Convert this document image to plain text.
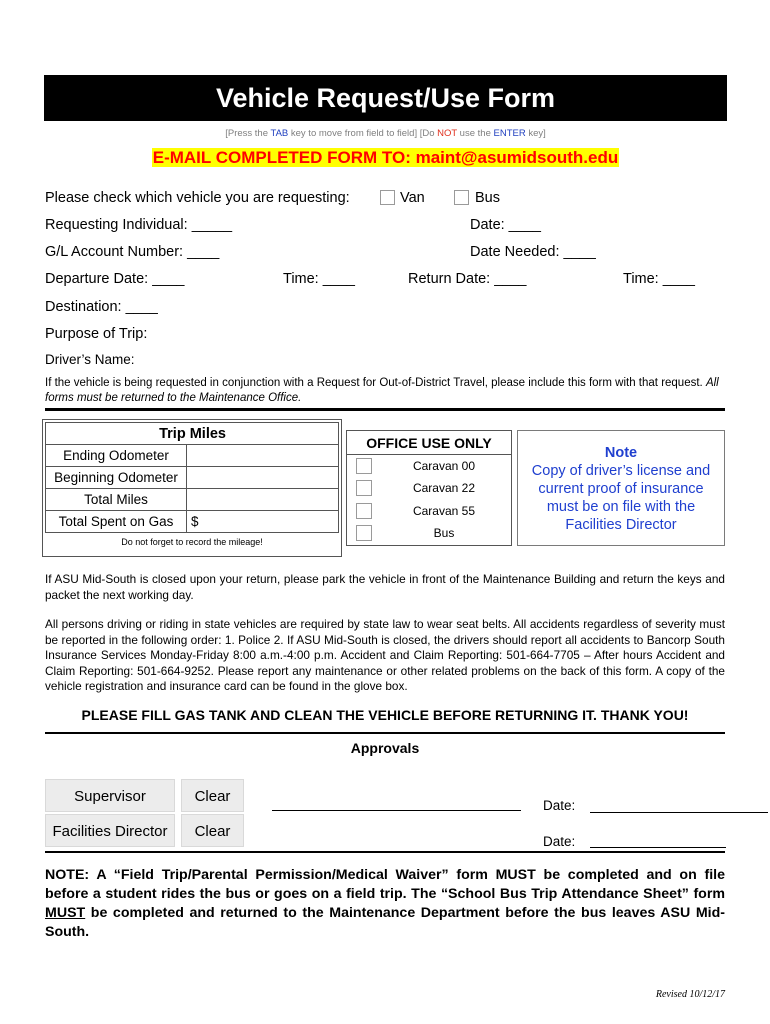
Vehicle Request/Use Form
[Press the TAB key to move from field to field] [Do NOT use the ENTER key]
E-MAIL COMPLETED FORM TO: maint@asumidsouth.edu
Please check which vehicle you are requesting:	Van	Bus
Requesting Individual: _____	Date: ____
G/L Account Number: ____	Date Needed: ____
Departure Date: ____	Time: ____	Return Date: ____	Time: ____
Destination: ____
Purpose of Trip:
Driver’s Name:
If the vehicle is being requested in conjunction with a Request for Out-of-District Travel, please include this form with that request. All forms must be returned to the Maintenance Office.
Trip Miles	
Ending Odometer	
Beginning Odometer	
Total Miles	
Total Spent on Gas	$
Do not forget to record the mileage!
OFFICE USE ONLY
Caravan 00
Caravan 22
Caravan 55
Bus
Note
Copy of driver’s license and current proof of insurance must be on file with the Facilities Director
If ASU Mid-South is closed upon your return, please park the vehicle in front of the Maintenance Building and return the keys and packet the next working day.
All persons driving or riding in state vehicles are required by state law to wear seat belts. All accidents regardless of severity must be reported in the following order: 1. Police 2. If ASU Mid-South is closed, the drivers should report all accidents to Bancorp South Insurance Services Monday-Friday 8:00 a.m.-4:00 p.m. Accident and Claim Reporting: 501-664-7705 – After hours Accident and Claim Reporting: 501-664-9252. Please report any maintenance or other related problems on the back of this form. A copy of the vehicle registration and insurance card can be found in the glove box.
PLEASE FILL GAS TANK AND CLEAN THE VEHICLE BEFORE RETURNING IT. THANK YOU!
Approvals
Supervisor	Clear
Date:
Facilities Director	Clear
Date:
NOTE: A “Field Trip/Parental Permission/Medical Waiver” form MUST be completed and on file before a student rides the bus or goes on a field trip. The “School Bus Trip Attendance Sheet” form MUST be completed and returned to the Maintenance Department before the bus leaves ASU Mid- South.
Revised 10/12/17
